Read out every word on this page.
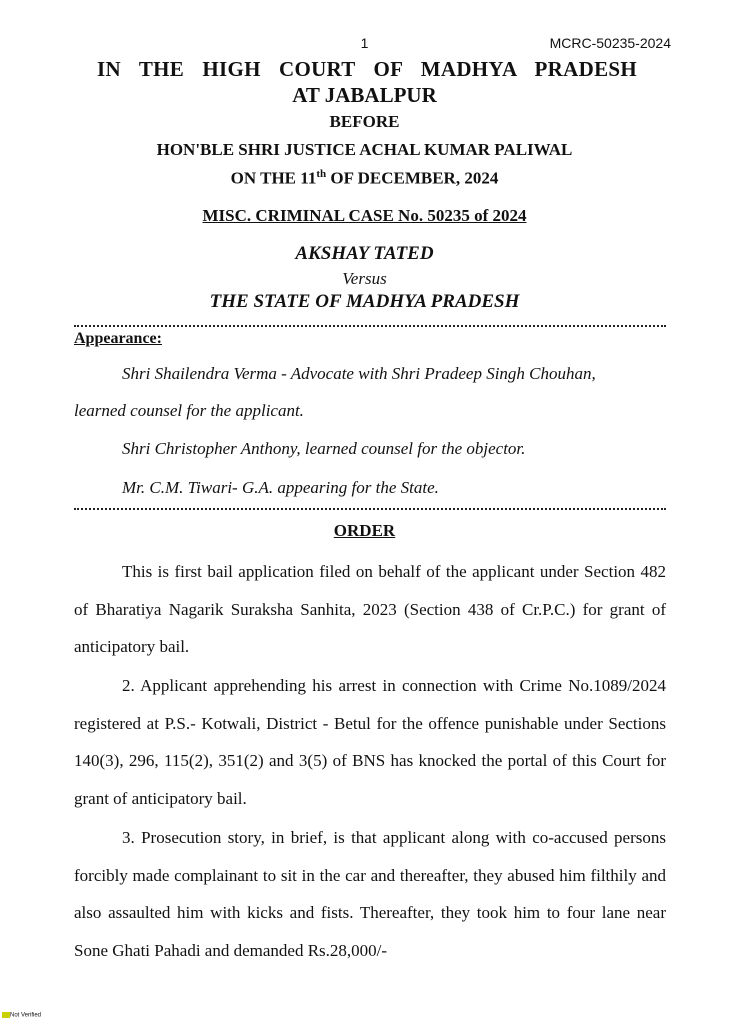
1	MCRC-50235-2024
IN THE HIGH COURT OF MADHYA PRADESH
AT JABALPUR
BEFORE
HON'BLE SHRI JUSTICE ACHAL KUMAR PALIWAL
ON THE 11th OF DECEMBER, 2024
MISC. CRIMINAL CASE No. 50235 of 2024
AKSHAY TATED
Versus
THE STATE OF MADHYA PRADESH
Appearance:
Shri Shailendra Verma - Advocate with Shri Pradeep Singh Chouhan,
learned counsel for the applicant.
Shri Christopher Anthony, learned counsel for the objector.
Mr. C.M. Tiwari- G.A. appearing for the State.
ORDER

This is first bail application filed on behalf of the applicant under Section 482 of Bharatiya Nagarik Suraksha Sanhita, 2023 (Section 438 of Cr.P.C.) for grant of anticipatory bail.

2. Applicant apprehending his arrest in connection with Crime No.1089/2024 registered at P.S.- Kotwali, District - Betul for the offence punishable under Sections 140(3), 296, 115(2), 351(2) and 3(5) of BNS has knocked the portal of this Court for grant of anticipatory bail.

3. Prosecution story, in brief, is that applicant along with co-accused persons forcibly made complainant to sit in the car and thereafter, they abused him filthily and also assaulted him with kicks and fists. Thereafter, they took him to four lane near Sone Ghati Pahadi and demanded Rs.28,000/-

Not Verified
